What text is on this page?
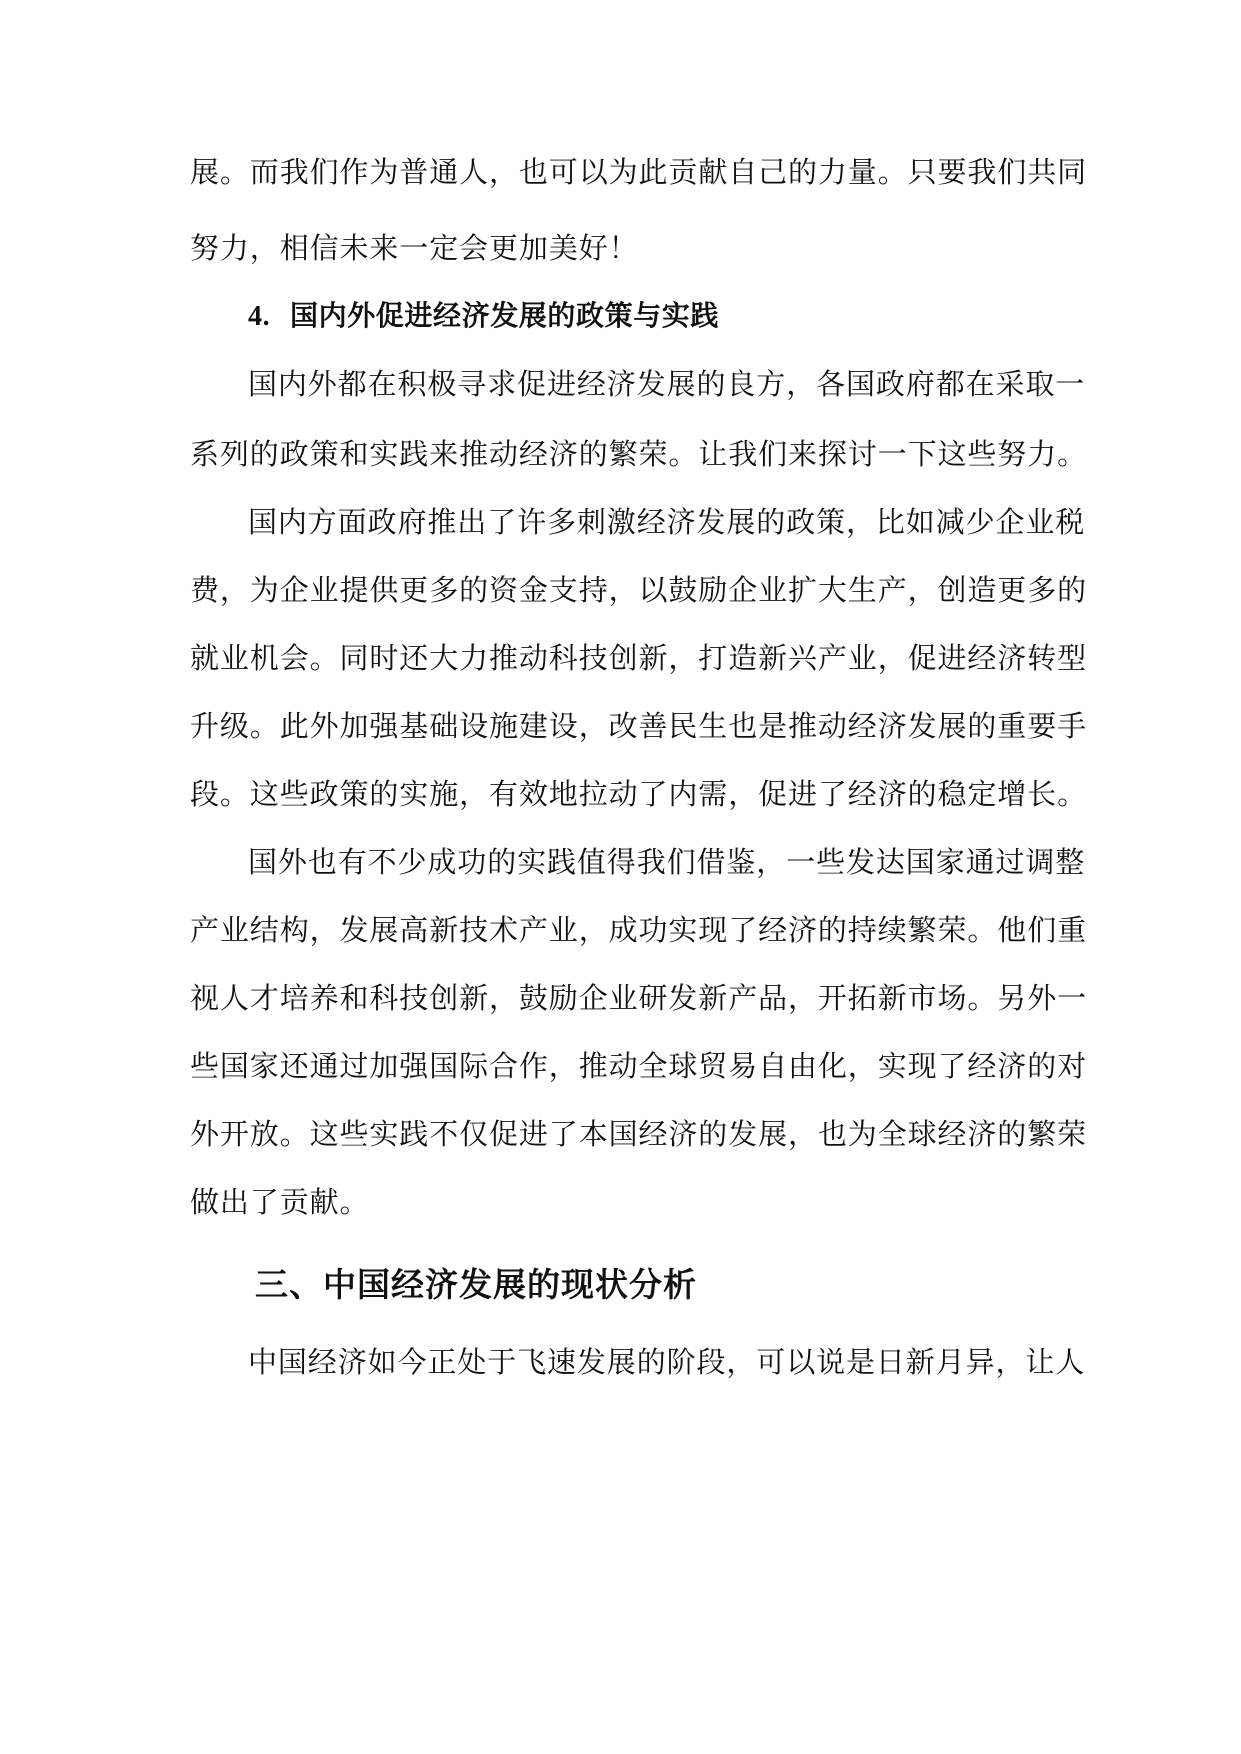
展。而我们作为普通人，也可以为此贡献自己的力量。只要我们共同
努力，相信未来一定会更加美好！
4. 国内外促进经济发展的政策与实践
国内外都在积极寻求促进经济发展的良方，各国政府都在采取一
系列的政策和实践来推动经济的繁荣。让我们来探讨一下这些努力。
国内方面政府推出了许多刺激经济发展的政策，比如减少企业税
费，为企业提供更多的资金支持，以鼓励企业扩大生产，创造更多的
就业机会。同时还大力推动科技创新，打造新兴产业，促进经济转型
升级。此外加强基础设施建设，改善民生也是推动经济发展的重要手
段。这些政策的实施，有效地拉动了内需，促进了经济的稳定增长。
国外也有不少成功的实践值得我们借鉴，一些发达国家通过调整
产业结构，发展高新技术产业，成功实现了经济的持续繁荣。他们重
视人才培养和科技创新，鼓励企业研发新产品，开拓新市场。另外一
些国家还通过加强国际合作，推动全球贸易自由化，实现了经济的对
外开放。这些实践不仅促进了本国经济的发展，也为全球经济的繁荣
做出了贡献。
三、中国经济发展的现状分析
中国经济如今正处于飞速发展的阶段，可以说是日新月异，让人
